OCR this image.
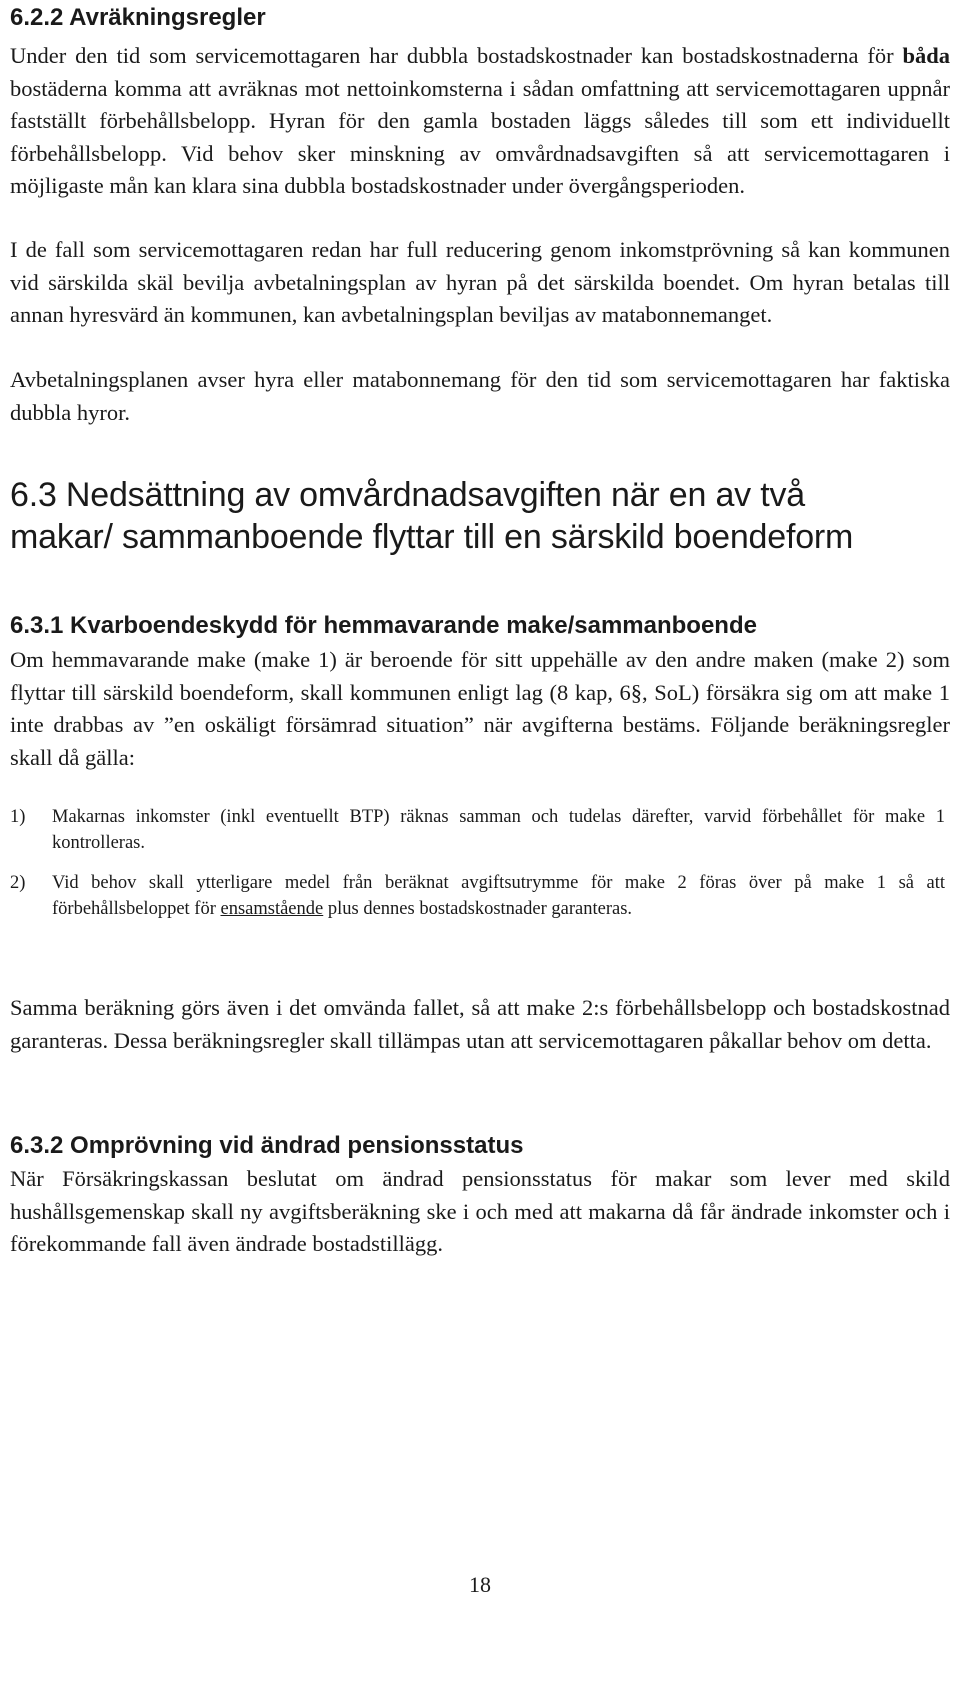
6.2.2 Avräkningsregler

Under den tid som servicemottagaren har dubbla bostadskostnader kan bostadskostnaderna för båda bostäderna komma att avräknas mot nettoinkomsterna i sådan omfattning att servicemottagaren uppnår fastställt förbehållsbelopp. Hyran för den gamla bostaden läggs således till som ett individuellt förbehållsbelopp. Vid behov sker minskning av omvårdnadsavgiften så att servicemottagaren i möjligaste mån kan klara sina dubbla bostadskostnader under övergångsperioden.

I de fall som servicemottagaren redan har full reducering genom inkomstprövning så kan kommunen vid särskilda skäl bevilja avbetalningsplan av hyran på det särskilda boendet. Om hyran betalas till annan hyresvärd än kommunen, kan avbetalningsplan beviljas av matabonnemanget.

Avbetalningsplanen avser hyra eller matabonnemang för den tid som servicemottagaren har faktiska dubbla hyror.

6.3 Nedsättning av omvårdnadsavgiften när en av två
makar/ sammanboende flyttar till en särskild boendeform
6.3.1 Kvarboendeskydd för hemmavarande make/sammanboende

Om hemmavarande make (make 1) är beroende för sitt uppehälle av den andre maken (make 2) som flyttar till särskild boendeform, skall kommunen enligt lag (8 kap, 6§, SoL) försäkra sig om att make 1 inte drabbas av ”en oskäligt försämrad situation” när avgifterna bestäms. Följande beräkningsregler skall då gälla:

1) Makarnas inkomster (inkl eventuellt BTP) räknas samman och tudelas därefter, varvid förbehållet för make 1 kontrolleras.
2) Vid behov skall ytterligare medel från beräknat avgiftsutrymme för make 2 föras över på make 1 så att förbehållsbeloppet för ensamstående plus dennes bostadskostnader garanteras.

Samma beräkning görs även i det omvända fallet, så att make 2:s förbehållsbelopp och bostadskostnad garanteras. Dessa beräkningsregler skall tillämpas utan att servicemottagaren påkallar behov om detta.

6.3.2 Omprövning vid ändrad pensionsstatus

När Försäkringskassan beslutat om ändrad pensionsstatus för makar som lever med skild hushållsgemenskap skall ny avgiftsberäkning ske i och med att makarna då får ändrade inkomster och i förekommande fall även ändrade bostadstillägg.

18
